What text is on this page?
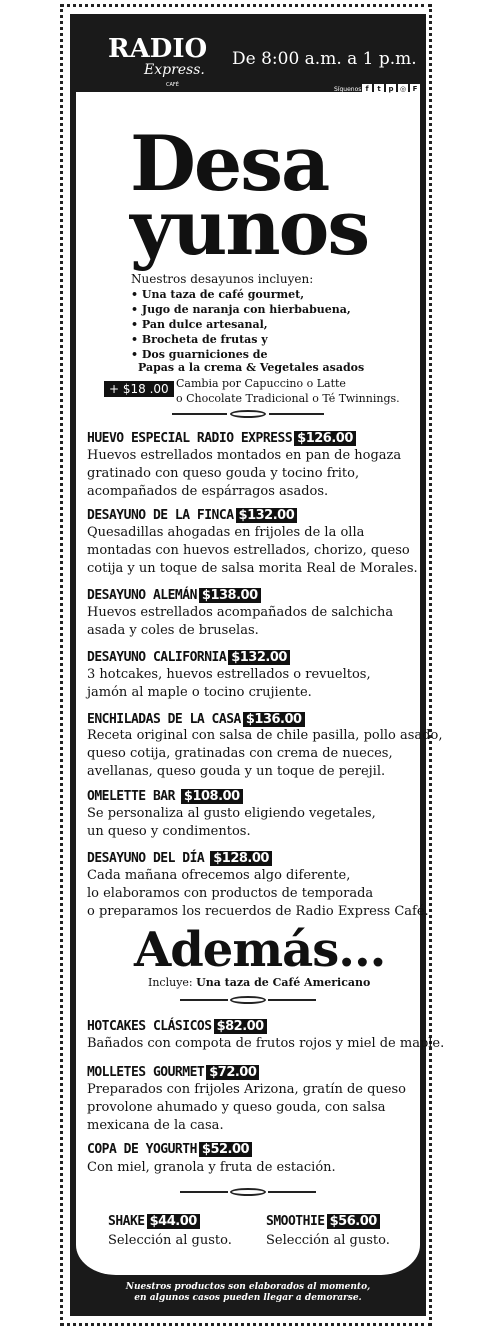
RADIO
Express.
CAFÉ
De 8:00 a.m. a 1 p.m.
Síguenos f	t	p ◎ F
Desa
yunos
Nuestros desayunos incluyen:
• Una taza de café gourmet,
• Jugo de naranja con hierbabuena,
• Pan dulce artesanal,
• Brocheta de frutas y
• Dos guarniciones de
Papas a la crema & Vegetales asados
+ $18 .00 Cambia por Capuccino o Latte
o Chocolate Tradicional o Té Twinnings.
HUEVO ESPECIAL RADIO EXPRESS $126.00
Huevos estrellados montados en pan de hogaza
gratinado con queso gouda y tocino frito,
acompañados de espárragos asados.
DESAYUNO DE LA FINCA $132.00
Quesadillas ahogadas en frijoles de la olla
montadas con huevos estrellados, chorizo, queso
cotija y un toque de salsa morita Real de Morales.
DESAYUNO ALEMÁN $138.00
Huevos estrellados acompañados de salchicha
asada y coles de bruselas.
DESAYUNO CALIFORNIA $132.00
3 hotcakes, huevos estrellados o revueltos,
jamón al maple o tocino crujiente.
ENCHILADAS DE LA CASA $136.00
Receta original con salsa de chile pasilla, pollo asado,
queso cotija, gratinadas con crema de nueces,
avellanas, queso gouda y un toque de perejil.
OMELETTE BAR $108.00
Se personaliza al gusto eligiendo vegetales,
un queso y condimentos.
DESAYUNO DEL DÍA $128.00
Cada mañana ofrecemos algo diferente,
lo elaboramos con productos de temporada
o preparamos los recuerdos de Radio Express Café.
Además...
Incluye: Una taza de Café Americano
HOTCAKES CLÁSICOS $82.00
Bañados con compota de frutos rojos y miel de maple.
MOLLETES GOURMET $72.00
Preparados con frijoles Arizona, gratín de queso
provolone ahumado y queso gouda, con salsa
mexicana de la casa.
COPA DE YOGURTH $52.00
Con miel, granola y fruta de estación.
SHAKE $44.00
Selección al gusto.
SMOOTHIE $56.00
Selección al gusto.
Nuestros productos son elaborados al momento,
en algunos casos pueden llegar a demorarse.
